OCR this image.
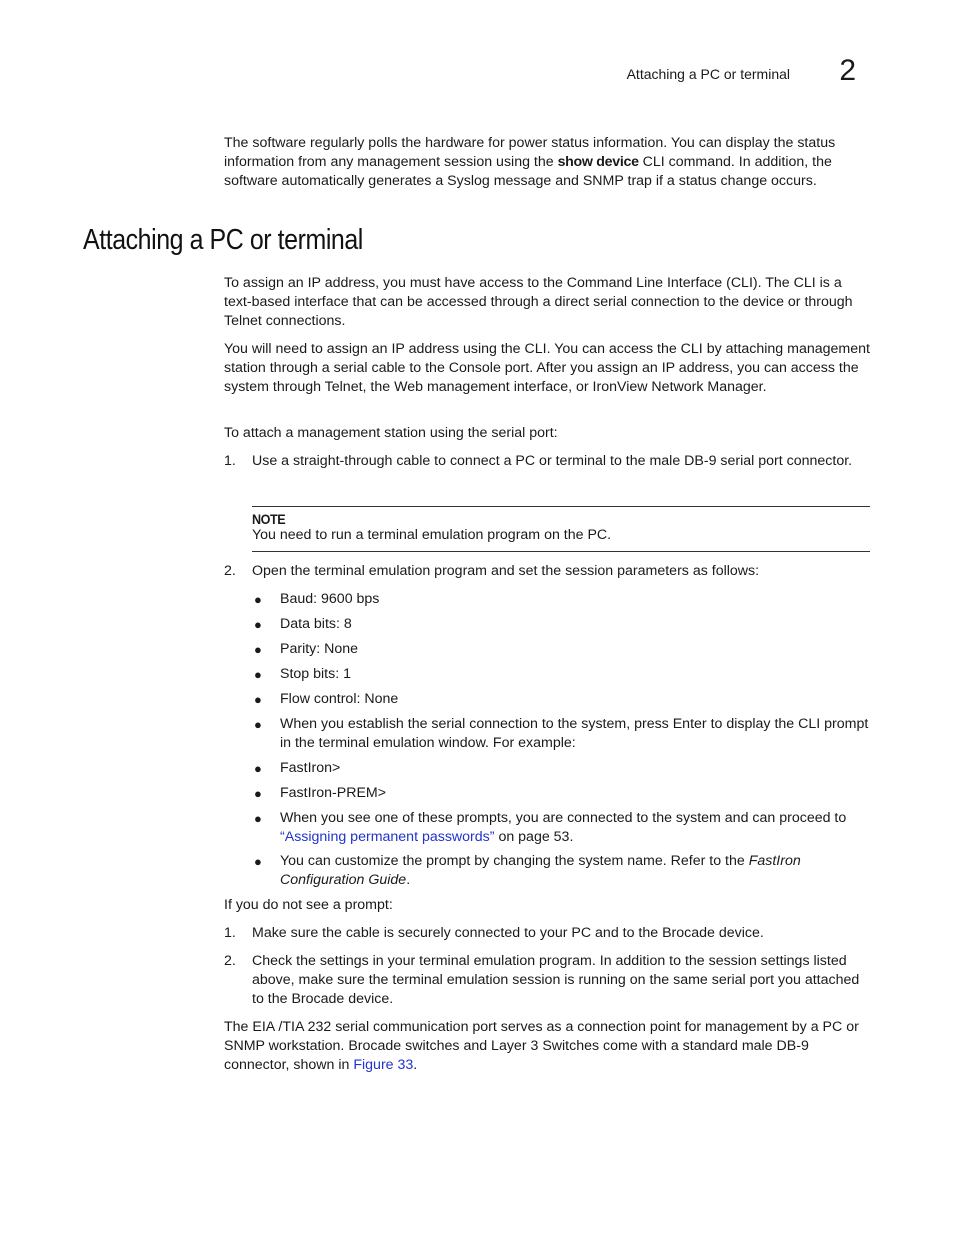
Attaching a PC or terminal 2

The software regularly polls the hardware for power status information. You can display the status information from any management session using the show device CLI command. In addition, the software automatically generates a Syslog message and SNMP trap if a status change occurs.

Attaching a PC or terminal

To assign an IP address, you must have access to the Command Line Interface (CLI). The CLI is a text-based interface that can be accessed through a direct serial connection to the device or through Telnet connections.

You will need to assign an IP address using the CLI. You can access the CLI by attaching management station through a serial cable to the Console port. After you assign an IP address, you can access the system through Telnet, the Web management interface, or IronView Network Manager.

To attach a management station using the serial port:

1. Use a straight-through cable to connect a PC or terminal to the male DB-9 serial port connector.
NOTE
You need to run a terminal emulation program on the PC.
2. Open the terminal emulation program and set the session parameters as follows:
● Baud: 9600 bps
● Data bits: 8
● Parity: None
● Stop bits: 1
● Flow control: None
● When you establish the serial connection to the system, press Enter to display the CLI prompt in the terminal emulation window. For example:
● FastIron>
● FastIron-PREM>
● When you see one of these prompts, you are connected to the system and can proceed to “Assigning permanent passwords” on page 53.
● You can customize the prompt by changing the system name. Refer to the FastIron Configuration Guide.

If you do not see a prompt:

1. Make sure the cable is securely connected to your PC and to the Brocade device.
2. Check the settings in your terminal emulation program. In addition to the session settings listed above, make sure the terminal emulation session is running on the same serial port you attached to the Brocade device.

The EIA /TIA 232 serial communication port serves as a connection point for management by a PC or SNMP workstation. Brocade switches and Layer 3 Switches come with a standard male DB-9 connector, shown in Figure 33.
